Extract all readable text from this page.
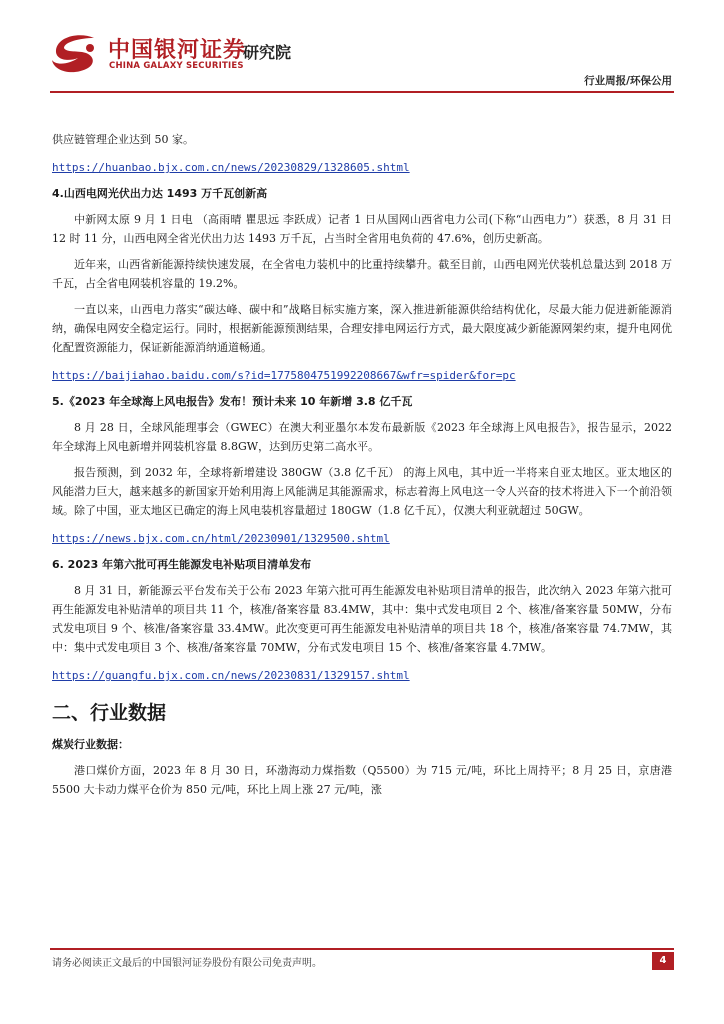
中国银河证券
CHINA GALAXY SECURITIES
研究院
行业周报/环保公用

供应链管理企业达到 50 家。

https://huanbao.bjx.com.cn/news/20230829/1328605.shtml
4.山西电网光伏出力达 1493 万千瓦创新高

中新网太原 9 月 1 日电 （高雨晴 瞿思远 李跃成）记者 1 日从国网山西省电力公司(下称“山西电力”）获悉，8 月 31 日 12 时 11 分，山西电网全省光伏出力达 1493 万千瓦，占当时全省用电负荷的 47.6%，创历史新高。

近年来，山西省新能源持续快速发展，在全省电力装机中的比重持续攀升。截至目前，山西电网光伏装机总量达到 2018 万千瓦，占全省电网装机容量的 19.2%。

一直以来，山西电力落实“碳达峰、碳中和”战略目标实施方案，深入推进新能源供给结构优化，尽最大能力促进新能源消纳，确保电网安全稳定运行。同时，根据新能源预测结果，合理安排电网运行方式，最大限度减少新能源网架约束，提升电网优化配置资源能力，保证新能源消纳通道畅通。

https://baijiahao.baidu.com/s?id=1775804751992208667&wfr=spider&for=pc
5.《2023 年全球海上风电报告》发布！预计未来 10 年新增 3.8 亿千瓦

8 月 28 日，全球风能理事会（GWEC）在澳大利亚墨尔本发布最新版《2023 年全球海上风电报告》，报告显示，2022 年全球海上风电新增并网装机容量 8.8GW，达到历史第二高水平。

报告预测，到 2032 年，全球将新增建设 380GW（3.8 亿千瓦） 的海上风电，其中近一半将来自亚太地区。亚太地区的风能潜力巨大，越来越多的新国家开始利用海上风能满足其能源需求，标志着海上风电这一令人兴奋的技术将进入下一个前沿领域。除了中国，亚太地区已确定的海上风电装机容量超过 180GW（1.8 亿千瓦），仅澳大利亚就超过 50GW。

https://news.bjx.com.cn/html/20230901/1329500.shtml
6. 2023 年第六批可再生能源发电补贴项目清单发布

8 月 31 日，新能源云平台发布关于公布 2023 年第六批可再生能源发电补贴项目清单的报告，此次纳入 2023 年第六批可再生能源发电补贴清单的项目共 11 个，核准/备案容量 83.4MW，其中：集中式发电项目 2 个、核准/备案容量 50MW，分布式发电项目 9 个、核准/备案容量 33.4MW。此次变更可再生能源发电补贴清单的项目共 18 个，核准/备案容量 74.7MW，其中：集中式发电项目 3 个、核准/备案容量 70MW，分布式发电项目 15 个、核准/备案容量 4.7MW。

https://guangfu.bjx.com.cn/news/20230831/1329157.shtml
二、行业数据
煤炭行业数据：

港口煤价方面，2023 年 8 月 30 日，环渤海动力煤指数（Q5500）为 715 元/吨，环比上周持平；8 月 25 日，京唐港 5500 大卡动力煤平仓价为 850 元/吨，环比上周上涨 27 元/吨，涨

请务必阅读正文最后的中国银河证券股份有限公司免责声明。	4
